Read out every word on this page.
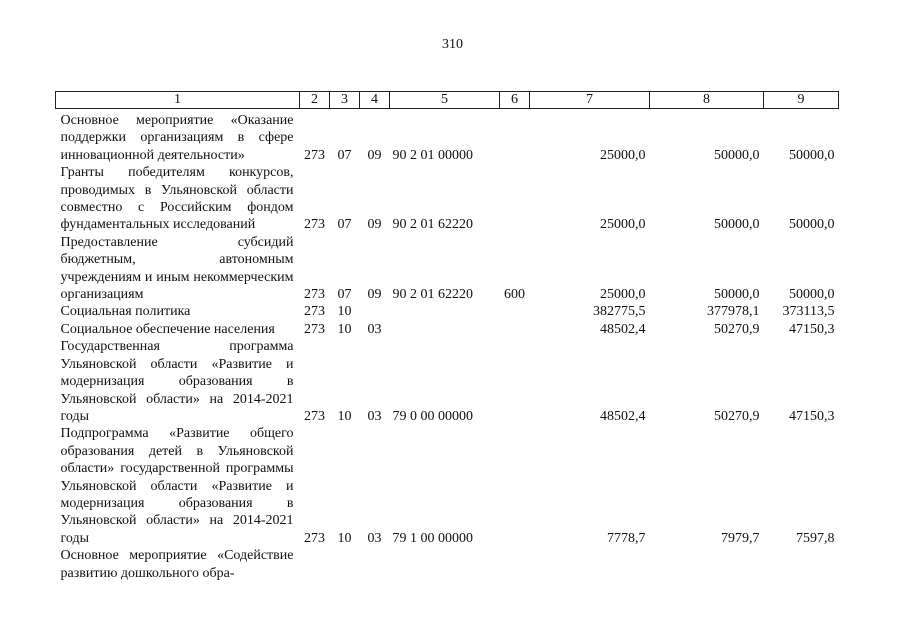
310
1	2	3	4	5	6	7	8	9
Основное мероприятие «Оказание поддержки организациям в сфере инновационной деятельности»	273	07	09	90 2 01 00000		25000,0	50000,0	50000,0
Гранты победителям конкурсов, проводимых в Ульяновской области совместно с Российским фондом фундаментальных исследований	273	07	09	90 2 01 62220		25000,0	50000,0	50000,0
Предоставление субсидий бюджетным, автономным учреждениям и иным некоммерческим организациям	273	07	09	90 2 01 62220	600	25000,0	50000,0	50000,0
Социальная политика	273	10				382775,5	377978,1	373113,5
Социальное обеспечение населения	273	10	03			48502,4	50270,9	47150,3
Государственная программа Ульяновской области «Развитие и модернизация образования в Ульяновской области» на 2014-2021 годы	273	10	03	79 0 00 00000		48502,4	50270,9	47150,3
Подпрограмма «Развитие общего образования детей в Ульяновской области» государственной программы Ульяновской области «Развитие и модернизация образования в Ульяновской области» на 2014-2021 годы	273	10	03	79 1 00 00000		7778,7	7979,7	7597,8
Основное мероприятие «Содействие развитию дошкольного обра-								
